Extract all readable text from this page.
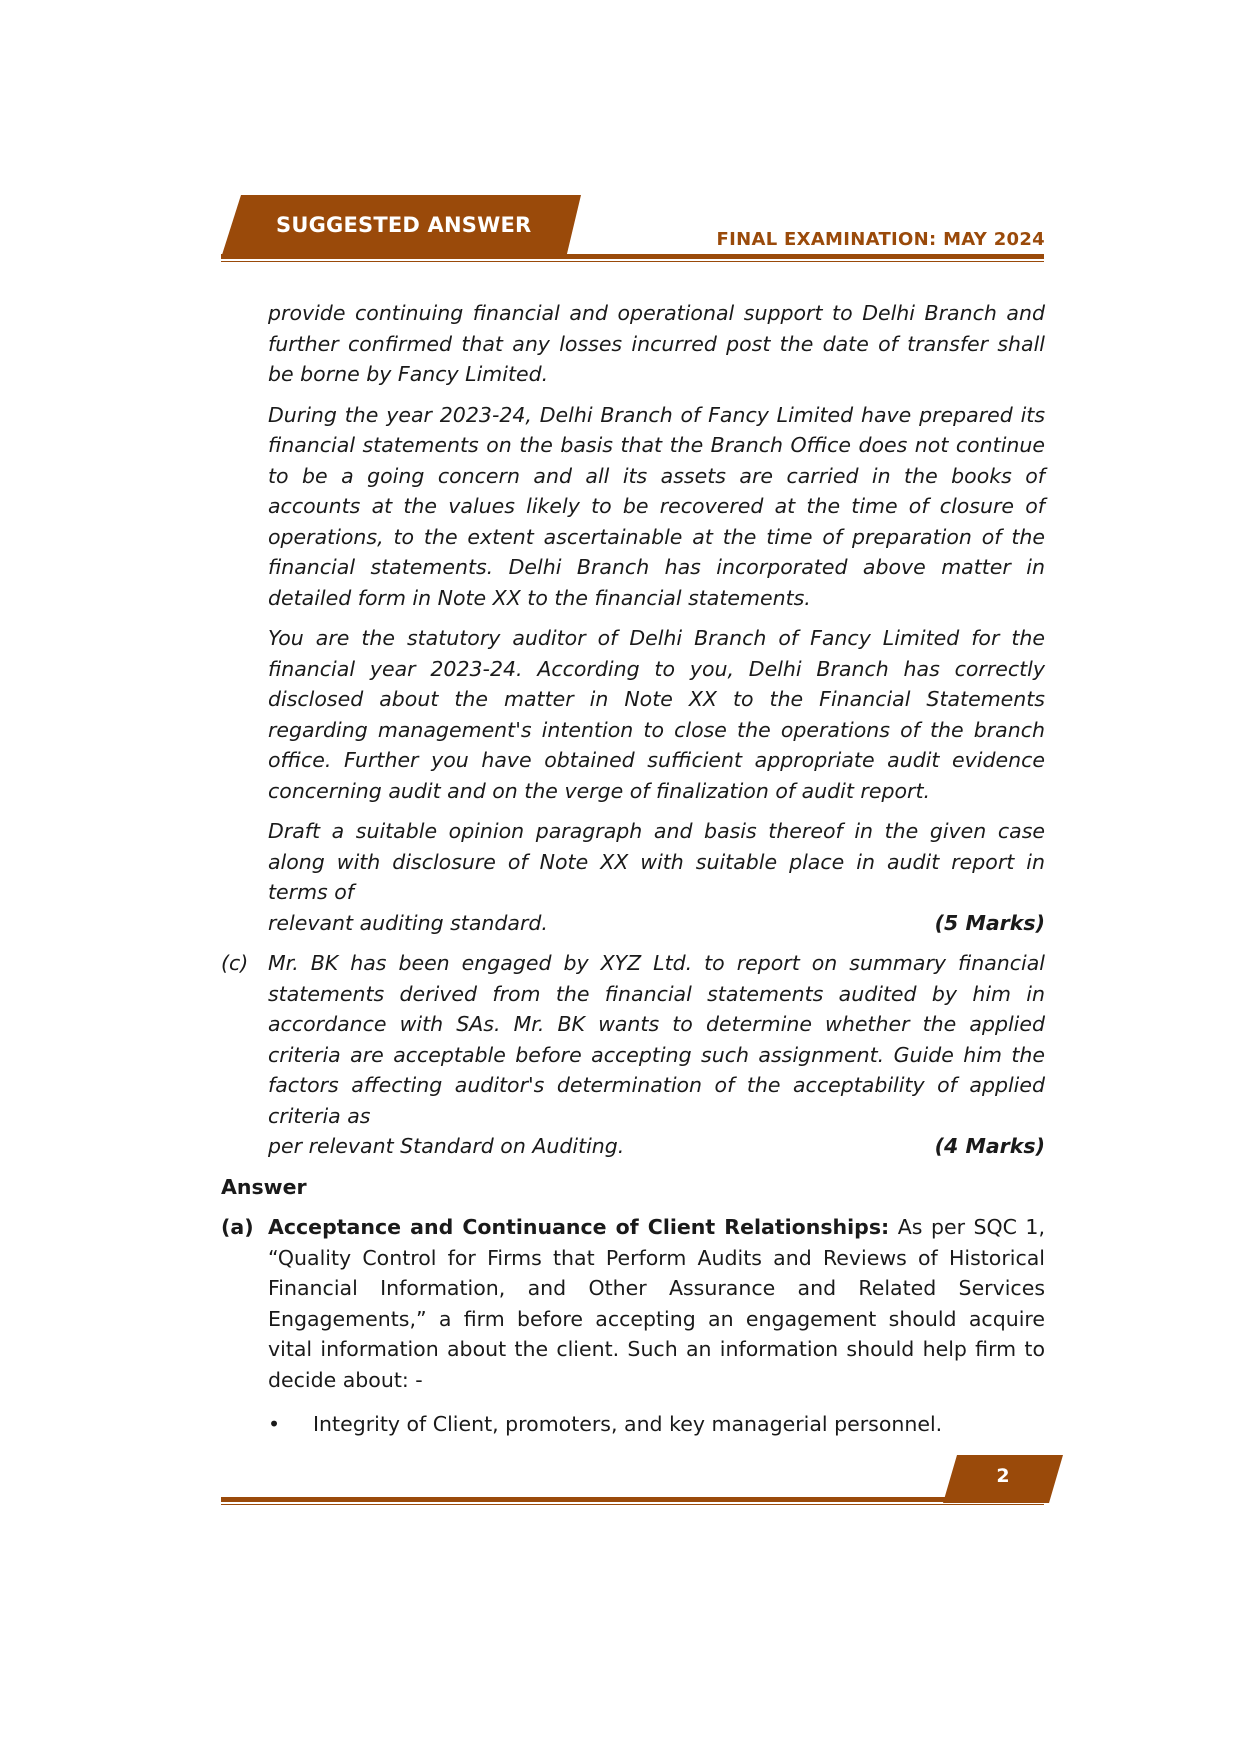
SUGGESTED ANSWER
FINAL EXAMINATION: MAY 2024

provide continuing financial and operational support to Delhi Branch and further confirmed that any losses incurred post the date of transfer shall be borne by Fancy Limited.

During the year 2023-24, Delhi Branch of Fancy Limited have prepared its financial statements on the basis that the Branch Office does not continue to be a going concern and all its assets are carried in the books of accounts at the values likely to be recovered at the time of closure of operations, to the extent ascertainable at the time of preparation of the financial statements. Delhi Branch has incorporated above matter in detailed form in Note XX to the financial statements.

You are the statutory auditor of Delhi Branch of Fancy Limited for the financial year 2023-24. According to you, Delhi Branch has correctly disclosed about the matter in Note XX to the Financial Statements regarding management's intention to close the operations of the branch office. Further you have obtained sufficient appropriate audit evidence concerning audit and on the verge of finalization of audit report.

Draft a suitable opinion paragraph and basis thereof in the given case along with disclosure of Note XX with suitable place in audit report in terms of
relevant auditing standard.	(5 Marks)
(c) Mr. BK has been engaged by XYZ Ltd. to report on summary financial statements derived from the financial statements audited by him in accordance with SAs. Mr. BK wants to determine whether the applied criteria are acceptable before accepting such assignment. Guide him the factors affecting auditor's determination of the acceptability of applied criteria as
per relevant Standard on Auditing.	(4 Marks)
Answer
(a) Acceptance and Continuance of Client Relationships: As per SQC 1, “Quality Control for Firms that Perform Audits and Reviews of Historical Financial Information, and Other Assurance and Related Services Engagements,” a firm before accepting an engagement should acquire vital information about the client. Such an information should help firm to decide about: -
•	Integrity of Client, promoters, and key managerial personnel.
2
